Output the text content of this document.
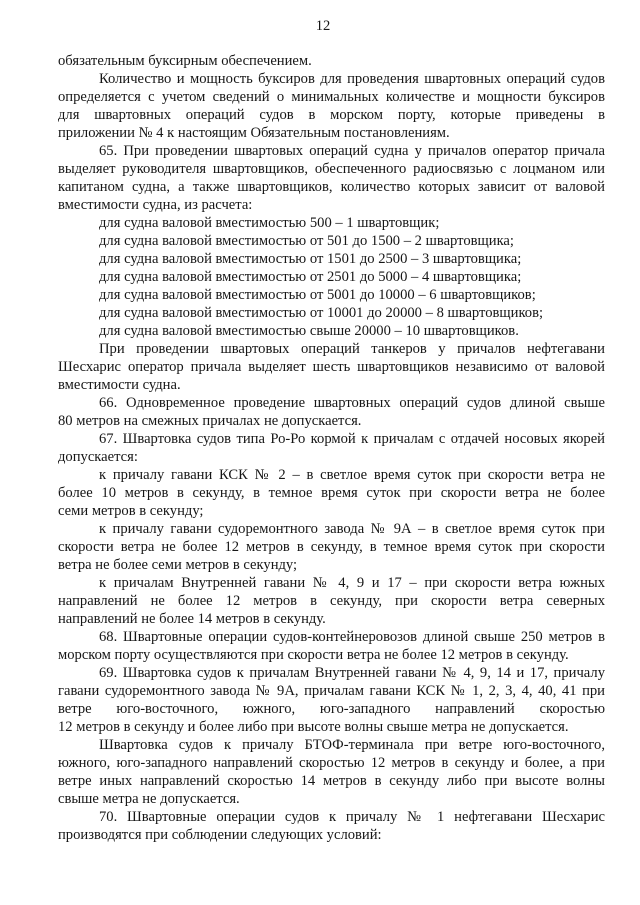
12
обязательным буксирным обеспечением.
Количество и мощность буксиров для проведения швартовных операций судов
определяется с учетом сведений о минимальных количестве и мощности буксиров
для швартовных операций судов в морском порту, которые приведены в
приложении № 4 к настоящим Обязательным постановлениям.
65. При проведении швартовых операций судна у причалов оператор причала
выделяет руководителя швартовщиков, обеспеченного радиосвязью с лоцманом или
капитаном судна, а также швартовщиков, количество которых зависит от валовой
вместимости судна, из расчета:
для судна валовой вместимостью 500 – 1 швартовщик;
для судна валовой вместимостью от 501 до 1500 – 2 швартовщика;
для судна валовой вместимостью от 1501 до 2500 – 3 швартовщика;
для судна валовой вместимостью от 2501 до 5000 – 4 швартовщика;
для судна валовой вместимостью от 5001 до 10000 – 6 швартовщиков;
для судна валовой вместимостью от 10001 до 20000 – 8 швартовщиков;
для судна валовой вместимостью свыше 20000 – 10 швартовщиков.
При проведении швартовых операций танкеров у причалов нефтегавани
Шесхарис оператор причала выделяет шесть швартовщиков независимо от валовой
вместимости судна.
66. Одновременное проведение швартовных операций судов длиной свыше
80 метров на смежных причалах не допускается.
67. Швартовка судов типа Ро-Ро кормой к причалам с отдачей носовых якорей
допускается:
к причалу гавани КСК № 2 – в светлое время суток при скорости ветра не
более 10 метров в секунду, в темное время суток при скорости ветра не более
семи метров в секунду;
к причалу гавани судоремонтного завода № 9А – в светлое время суток при
скорости ветра не более 12 метров в секунду, в темное время суток при скорости
ветра не более семи метров в секунду;
к причалам Внутренней гавани № 4, 9 и 17 – при скорости ветра южных
направлений не более 12 метров в секунду, при скорости ветра северных
направлений не более 14 метров в секунду.
68. Швартовные операции судов-контейнеровозов длиной свыше 250 метров в
морском порту осуществляются при скорости ветра не более 12 метров в секунду.
69. Швартовка судов к причалам Внутренней гавани № 4, 9, 14 и 17, причалу
гавани судоремонтного завода № 9А, причалам гавани КСК № 1, 2, 3, 4, 40, 41 при
ветре юго-восточного, южного, юго-западного направлений скоростью
12 метров в секунду и более либо при высоте волны свыше метра не допускается.
Швартовка судов к причалу БТОФ-терминала при ветре юго-восточного,
южного, юго-западного направлений скоростью 12 метров в секунду и более, а при
ветре иных направлений скоростью 14 метров в секунду либо при высоте волны
свыше метра не допускается.
70. Швартовные операции судов к причалу № 1 нефтегавани Шесхарис
производятся при соблюдении следующих условий:
